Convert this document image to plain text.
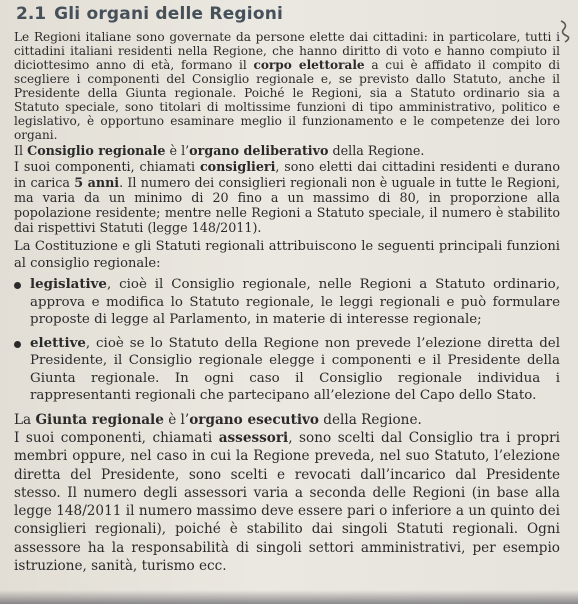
2.1 Gli organi delle Regioni

Le Regioni italiane sono governate da persone elette dai cittadini: in particolare, tutti i cittadini italiani residenti nella Regione, che hanno diritto di voto e hanno compiuto il diciottesimo anno di età, formano il corpo elettorale a cui è affidato il compito di scegliere i componenti del Consiglio regionale e, se previsto dallo Statuto, anche il Presidente della Giunta regionale. Poiché le Regioni, sia a Statuto ordinario sia a Statuto speciale, sono titolari di moltissime funzioni di tipo amministrativo, politico e legislativo, è opportuno esaminare meglio il funzionamento e le competenze dei loro organi.

Il Consiglio regionale è l’organo deliberativo della Regione.

I suoi componenti, chiamati consiglieri, sono eletti dai cittadini residenti e durano in carica 5 anni. Il numero dei consiglieri regionali non è uguale in tutte le Regioni, ma varia da un minimo di 20 fino a un massimo di 80, in proporzione alla popolazione residente; mentre nelle Regioni a Statuto speciale, il numero è stabilito dai rispettivi Statuti (legge 148/2011).

La Costituzione e gli Statuti regionali attribuiscono le seguenti principali funzioni al consiglio regionale:

legislative, cioè il Consiglio regionale, nelle Regioni a Statuto ordinario, approva e modifica lo Statuto regionale, le leggi regionali e può formulare proposte di legge al Parlamento, in materie di interesse regionale;
elettive, cioè se lo Statuto della Regione non prevede l’elezione diretta del Presidente, il Consiglio regionale elegge i componenti e il Presidente della Giunta regionale. In ogni caso il Consiglio regionale individua i rappresentanti regionali che partecipano all’elezione del Capo dello Stato.

La Giunta regionale è l’organo esecutivo della Regione.

I suoi componenti, chiamati assessori, sono scelti dal Consiglio tra i propri membri oppure, nel caso in cui la Regione preveda, nel suo Statuto, l’elezione diretta del Presidente, sono scelti e revocati dall’incarico dal Presidente stesso. Il numero degli assessori varia a seconda delle Regioni (in base alla legge 148/2011 il numero massimo deve essere pari o inferiore a un quinto dei consiglieri regionali), poiché è stabilito dai singoli Statuti regionali. Ogni assessore ha la responsabilità di singoli settori amministrativi, per esempio istruzione, sanità, turismo ecc.
